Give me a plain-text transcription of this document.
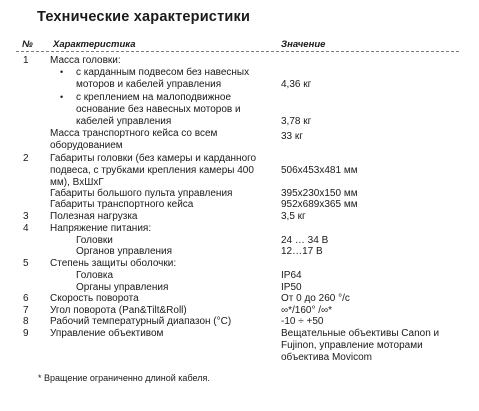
Технические характеристики
№ Характеристика	Значение
1 Масса головки:
• с карданным подвесом без навесных
моторов и кабелей управления	4,36 кг
• с креплением на малоподвижное
основание без навесных моторов и
кабелей управления	3,78 кг
Масса транспортного кейса со всем	33 кг
оборудованием
2 Габариты головки (без камеры и карданного
подвеса, с трубками крепления камеры 400	506х453х481 мм
мм), ВхШхГ
Габариты большого пульта управления	395х230х150 мм
Габариты транспортного кейса	952х689х365 мм
3 Полезная нагрузка	3,5 кг
4 Напряжение питания:
Головки	24 … 34 В
Органов управления	12…17 В
5 Степень защиты оболочки:
Головка	IP64
Органы управления	IP50
6 Скорость поворота	От 0 до 260 °/с
7 Угол поворота (Pan&Tilt&Roll)	∞*/160° /∞*
8 Рабочий температурный диапазон (°С)	-10 ÷ +50
9 Управление объективом	Вещательные объективы Canon и
Fujinon, управление моторами
объектива Movicom
* Вращение ограниченно длиной кабеля.
